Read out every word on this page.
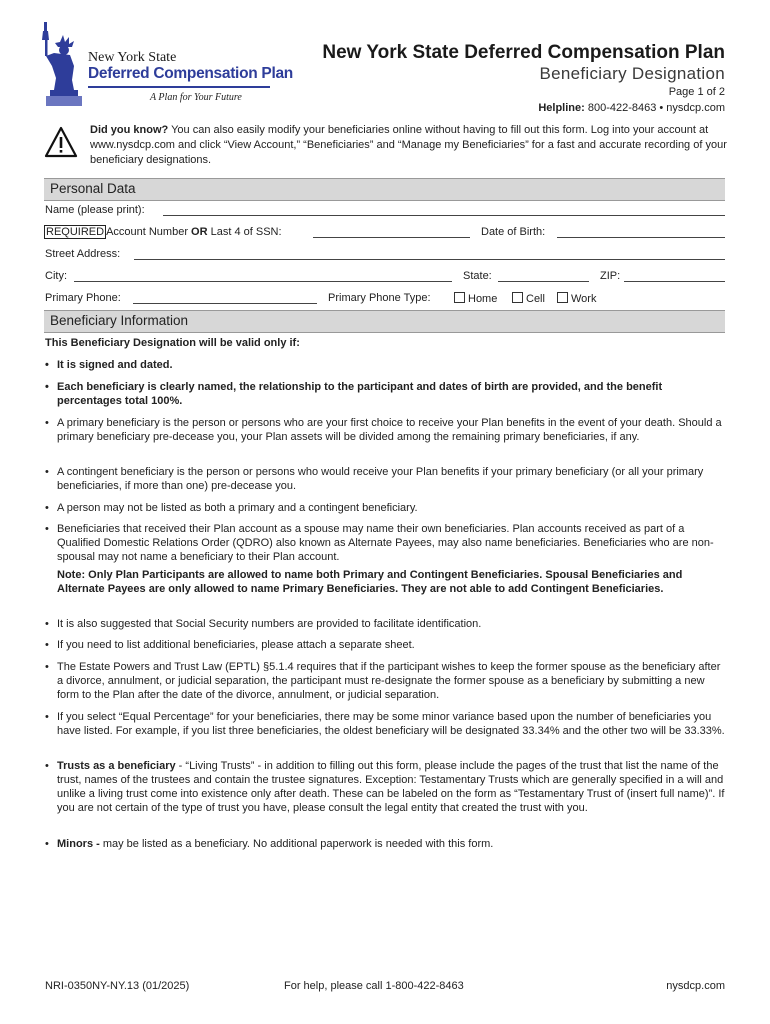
New York State
Deferred Compensation Plan
A Plan for Your Future
New York State Deferred Compensation Plan
Beneficiary Designation
Page 1 of 2
Helpline: 800-422-8463 • nysdcp.com
Did you know? You can also easily modify your beneficiaries online without having to fill out this form. Log into your account at www.nysdcp.com and click “View Account,” “Beneficiaries” and “Manage my Beneficiaries” for a fast and accurate recording of your beneficiary designations.
Personal Data
Name (please print):
REQUIRED Account Number OR Last 4 of SSN:	Date of Birth:
Street Address:
City:	State:	ZIP:
Primary Phone:	Primary Phone Type:	Home	Cell	Work
Beneficiary Information
This Beneficiary Designation will be valid only if:
• It is signed and dated.
• Each beneficiary is clearly named, the relationship to the participant and dates of birth are provided, and the benefit percentages total 100%.
• A primary beneficiary is the person or persons who are your first choice to receive your Plan benefits in the event of your death. Should a primary beneficiary pre-decease you, your Plan assets will be divided among the remaining primary beneficiaries, if any.
• A contingent beneficiary is the person or persons who would receive your Plan benefits if your primary beneficiary (or all your primary beneficiaries, if more than one) pre-decease you.
• A person may not be listed as both a primary and a contingent beneficiary.
• Beneficiaries that received their Plan account as a spouse may name their own beneficiaries. Plan accounts received as part of a Qualified Domestic Relations Order (QDRO) also known as Alternate Payees, may also name beneficiaries. Beneficiaries who are non-spousal may not name a beneficiary to their Plan account.
Note: Only Plan Participants are allowed to name both Primary and Contingent Beneficiaries. Spousal Beneficiaries and Alternate Payees are only allowed to name Primary Beneficiaries. They are not able to add Contingent Beneficiaries.
• It is also suggested that Social Security numbers are provided to facilitate identification.
• If you need to list additional beneficiaries, please attach a separate sheet.
• The Estate Powers and Trust Law (EPTL) §5.1.4 requires that if the participant wishes to keep the former spouse as the beneficiary after a divorce, annulment, or judicial separation, the participant must re-designate the former spouse as a beneficiary by submitting a new form to the Plan after the date of the divorce, annulment, or judicial separation.
• If you select “Equal Percentage” for your beneficiaries, there may be some minor variance based upon the number of beneficiaries you have listed. For example, if you list three beneficiaries, the oldest beneficiary will be designated 33.34% and the other two will be 33.33%.
• Trusts as a beneficiary - “Living Trusts” - in addition to filling out this form, please include the pages of the trust that list the name of the trust, names of the trustees and contain the trustee signatures. Exception: Testamentary Trusts which are generally specified in a will and unlike a living trust come into existence only after death. These can be labeled on the form as “Testamentary Trust of (insert full name)”. If you are not certain of the type of trust you have, please consult the legal entity that created the trust with you.
• Minors - may be listed as a beneficiary. No additional paperwork is needed with this form.
NRI-0350NY-NY.13 (01/2025)	For help, please call 1-800-422-8463	nysdcp.com
